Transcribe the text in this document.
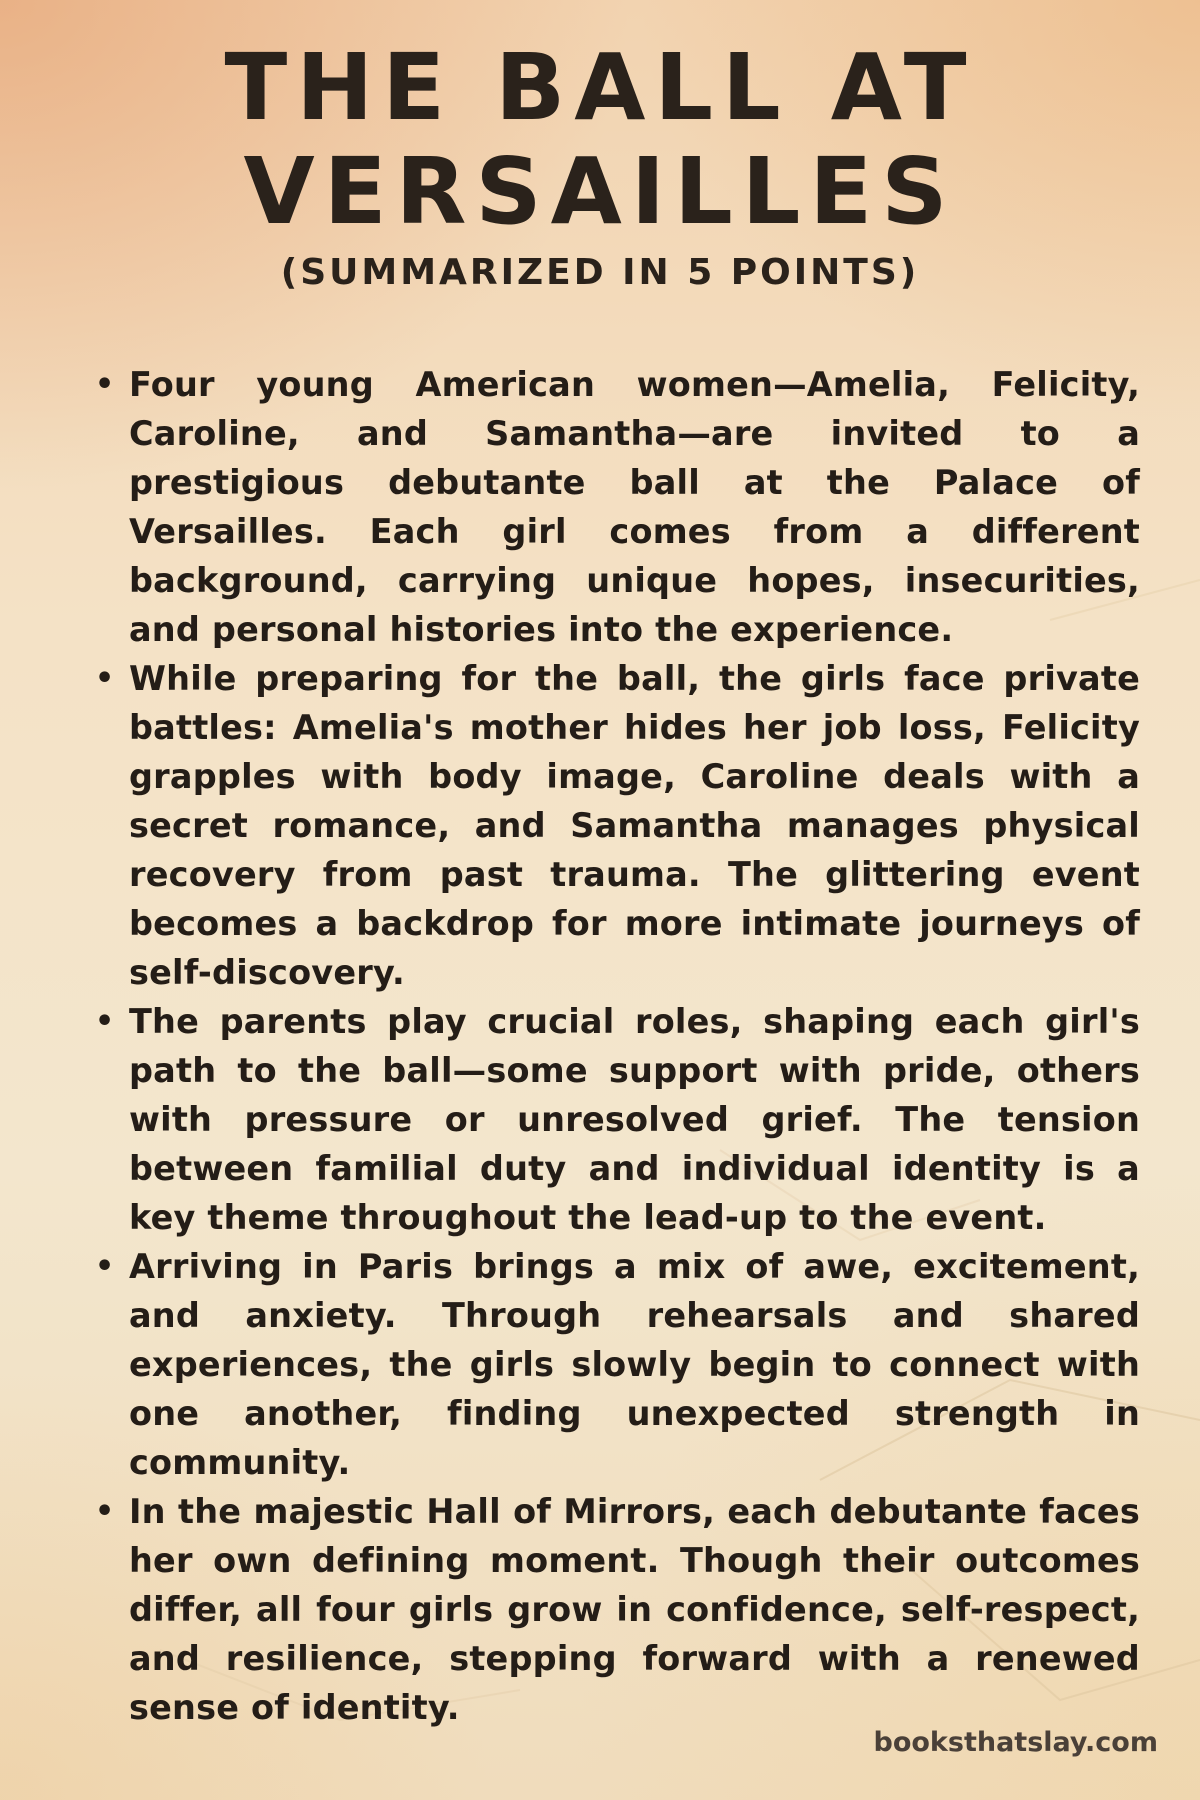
THE BALL AT
VERSAILLES
(SUMMARIZED IN 5 POINTS)
• Four young American women—Amelia, Felicity, Caroline, and Samantha—are invited to a prestigious debutante ball at the Palace of Versailles. Each girl comes from a different background, carrying unique hopes, insecurities, and personal histories into the experience.
• While preparing for the ball, the girls face private battles: Amelia's mother hides her job loss, Felicity grapples with body image, Caroline deals with a secret romance, and Samantha manages physical recovery from past trauma. The glittering event becomes a backdrop for more intimate journeys of self-discovery.
• The parents play crucial roles, shaping each girl's path to the ball—some support with pride, others with pressure or unresolved grief. The tension between familial duty and individual identity is a key theme throughout the lead-up to the event.
• Arriving in Paris brings a mix of awe, excitement, and anxiety. Through rehearsals and shared experiences, the girls slowly begin to connect with one another, finding unexpected strength in community.
• In the majestic Hall of Mirrors, each debutante faces her own defining moment. Though their outcomes differ, all four girls grow in confidence, self-respect, and resilience, stepping forward with a renewed sense of identity.
booksthatslay.com
